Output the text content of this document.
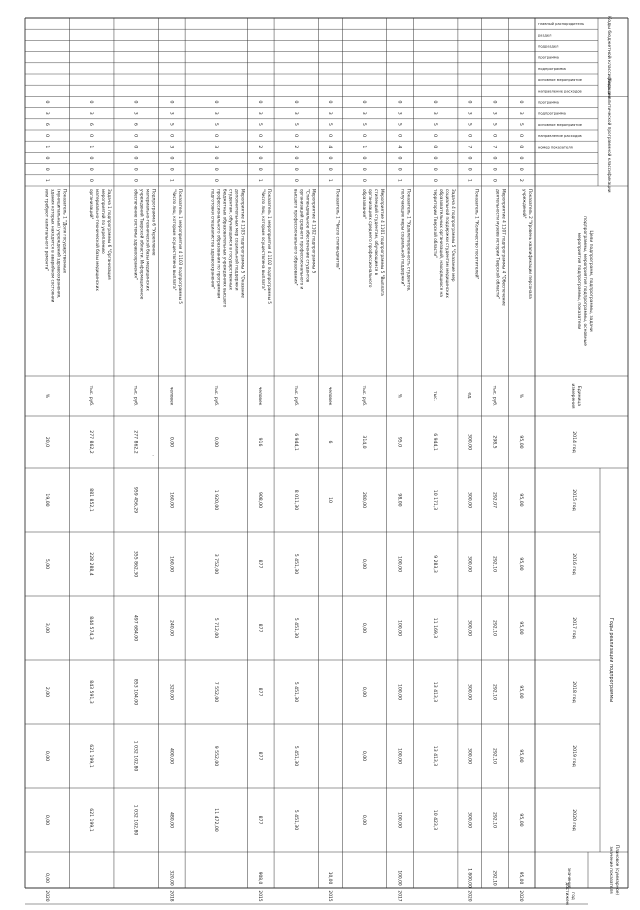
·
Коды бюджетной классификации
Коды аналитической программной классификации
главный распорядитель
раздел
подраздел
программа
подпрограмма
основное мероприятие
направление расходов
программа
подпрограмма
основное мероприятие
направление расходов
номер показателя
Цели подпрограмм, подпрограммы, задачи
подпрограммы, мероприятия подпрограммы, основные
мероприятия подпрограммы, показатели
Единица
измерения
2014 год
Годы реализации подпрограммы
2015 год
2016 год
2017 год
2018 год
2019 год
2020 год
Плановое (суммарное)
значение показателя
значение
год
достижения
0
3
5
0
0
0
0
2
Показатель 2 "Уровень квалификации персонала
учреждений"
%
95,00
95,00
95,00
95,00
95,00
95,00
95,00
95,00
2020
0
3
5
0
7
0
0
0
Мероприятие 4 1107 подпрограммы 4 "Обеспечение
деятельности музеев истории Тверской области"
тыс. руб.
298,5
292,07
292,10
292,10
292,10
292,10
292,10
292,10
0
3
5
0
7
0
0
1
Показатель 1 "Количество посетителей"
ед.
300,00
300,00
300,00
300,00
300,00
300,00
300,00
1 800,00
2020
0
3
5
0
0
0
0
0
Задача 4 подпрограммы 5 "Оказание мер
социальной поддержки студентам медицинских
образовательных организаций, находящихся на
территории Тверской области"
тыс.
6 944,1
10 171,3
9 283,3
11 169,3
13 413,3
13 413,3
10 423,3
0
3
5
0
4
0
0
1
Показатель 1 "Удовлетворенность студентов,
получающих меры социальной поддержки"
%
95,0
98,00
100,00
100,00
100,00
100,00
100,00
100,00
2017
0
3
5
0
1
0
0
0
Мероприятие 4 1101 подпрограммы 5 "Выплата
стипендий студентам, обучающимся в
организациях среднего профессионального
образования"
тыс. руб.
314,0
280,00
0,00
0,00
0,00
0,00
0,00
0
3
5
0
4
0
0
1
Показатель 1 "Число стипендиатов"
человек
6
10
10,00
2015
0
3
5
0
2
0
0
0
Мероприятие 4 1102 подпрограммы 5
"Стипендиальное обеспечение студентов
организаций среднего профессионального и
высшего профессионального образования"
тыс. руб.
6 944,1
8 011,30
5 451,30
5 451,30
5 451,30
5 451,30
5 451,30
0
3
5
0
2
0
0
1
Показатель 1 мероприятия 4 1102 подпрограммы 5
"Число лиц, которым осуществлена выплата"
человек
916
908,00
877
877
877
877
877
908,0
2015
0
3
5
0
3
0
0
0
Мероприятие 4 1103 подпрограммы 5 "Оказание
дополнительных мер социальной поддержки
студентам, обучающимся в государственных
бюджетных образовательных учреждениях высшего
профессионального образования по программам
подготовки специалистов здравоохранения"
тыс. руб.
0,00
1 920,00
3 752,00
5 712,00
7 552,00
9 552,00
11 472,00
0
3
5
0
3
0
0
1
Показатель 1 мероприятия 4 1103 подпрограммы 5
"Число лиц, которым осуществлена выплата"
человек
0,00
160,00
160,00
240,00
320,00
400,00
480,00
320,00
2018
0
3
6
0
0
0
0
0
Подпрограмма 6 "Укрепление
материально-технической базы медицинских
учреждений Тверской области. Информационное
обеспечение системы здравоохранения"
тыс. руб.
277 862,2
959 456,29
355 862,30
497 684,00
853 104,00
1 032 102,80
1 032 102,80
0
3
6
0
1
0
0
0
Задача 1 подпрограммы 6 "Организация
мероприятий по укреплению
материально-технической базы медицинских
организаций"
тыс. руб.
277 862,2
881 852,1
228 288,4
844 574,3
843 591,3
621 199,1
621 199,1
0
3
6
0
1
0
0
1
Показатель 1 "Доля государственных
(муниципальных) учреждений здравоохранения,
здания которых находятся в аварийном состоянии
или требуют капитального ремонта"
%
20,0
19,00
5,00
3,00
2,00
0,00
0,00
0,00
2020
